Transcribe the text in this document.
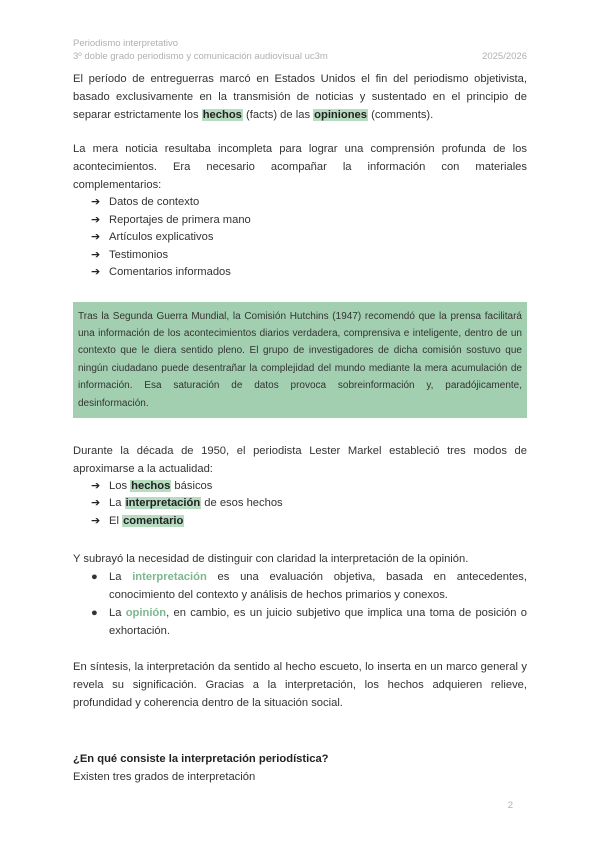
Periodismo interpretativo
3º doble grado periodismo y comunicación audiovisual uc3m	2025/2026

El período de entreguerras marcó en Estados Unidos el fin del periodismo objetivista, basado exclusivamente en la transmisión de noticias y sustentado en el principio de separar estrictamente los hechos (facts) de las opiniones (comments).

La mera noticia resultaba incompleta para lograr una comprensión profunda de los acontecimientos. Era necesario acompañar la información con materiales complementarios:

➔ Datos de contexto
➔ Reportajes de primera mano
➔ Artículos explicativos
➔ Testimonios
➔ Comentarios informados
Tras la Segunda Guerra Mundial, la Comisión Hutchins (1947) recomendó que la prensa facilitará una información de los acontecimientos diarios verdadera, comprensiva e inteligente, dentro de un contexto que le diera sentido pleno. El grupo de investigadores de dicha comisión sostuvo que ningún ciudadano puede desentrañar la complejidad del mundo mediante la mera acumulación de información. Esa saturación de datos provoca sobreinformación y, paradójicamente, desinformación.

Durante la década de 1950, el periodista Lester Markel estableció tres modos de aproximarse a la actualidad:

➔ Los hechos básicos
➔ La interpretación de esos hechos
➔ El comentario

Y subrayó la necesidad de distinguir con claridad la interpretación de la opinión.

● La interpretación es una evaluación objetiva, basada en antecedentes, conocimiento del contexto y análisis de hechos primarios y conexos.
● La opinión, en cambio, es un juicio subjetivo que implica una toma de posición o exhortación.

En síntesis, la interpretación da sentido al hecho escueto, lo inserta en un marco general y revela su significación. Gracias a la interpretación, los hechos adquieren relieve, profundidad y coherencia dentro de la situación social.

¿En qué consiste la interpretación periodística?
Existen tres grados de interpretación
2
